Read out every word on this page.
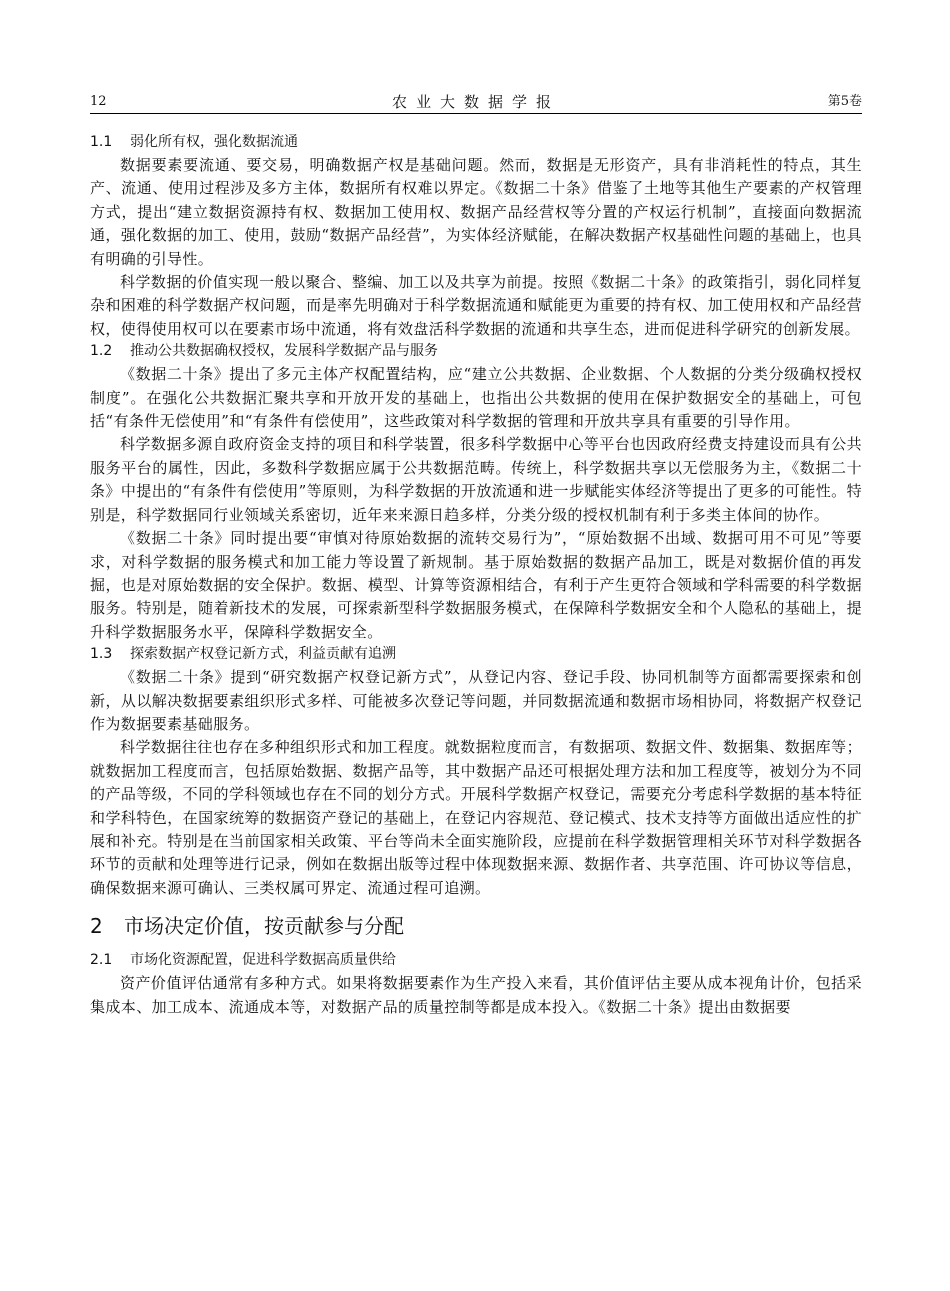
12	农业大数据学报	第5卷
1.1 弱化所有权，强化数据流通

数据要素要流通、要交易，明确数据产权是基础问题。然而，数据是无形资产，具有非消耗性的特点，其生产、流通、使用过程涉及多方主体，数据所有权难以界定。《数据二十条》借鉴了土地等其他生产要素的产权管理方式，提出“建立数据资源持有权、数据加工使用权、数据产品经营权等分置的产权运行机制”，直接面向数据流通，强化数据的加工、使用，鼓励“数据产品经营”，为实体经济赋能，在解决数据产权基础性问题的基础上，也具有明确的引导性。

科学数据的价值实现一般以聚合、整编、加工以及共享为前提。按照《数据二十条》的政策指引，弱化同样复杂和困难的科学数据产权问题，而是率先明确对于科学数据流通和赋能更为重要的持有权、加工使用权和产品经营权，使得使用权可以在要素市场中流通，将有效盘活科学数据的流通和共享生态，进而促进科学研究的创新发展。

1.2 推动公共数据确权授权，发展科学数据产品与服务

《数据二十条》提出了多元主体产权配置结构，应“建立公共数据、企业数据、个人数据的分类分级确权授权制度”。在强化公共数据汇聚共享和开放开发的基础上，也指出公共数据的使用在保护数据安全的基础上，可包括“有条件无偿使用”和“有条件有偿使用”，这些政策对科学数据的管理和开放共享具有重要的引导作用。

科学数据多源自政府资金支持的项目和科学装置，很多科学数据中心等平台也因政府经费支持建设而具有公共服务平台的属性，因此，多数科学数据应属于公共数据范畴。传统上，科学数据共享以无偿服务为主，《数据二十条》中提出的“有条件有偿使用”等原则，为科学数据的开放流通和进一步赋能实体经济等提出了更多的可能性。特别是，科学数据同行业领域关系密切，近年来来源日趋多样，分类分级的授权机制有利于多类主体间的协作。

《数据二十条》同时提出要“审慎对待原始数据的流转交易行为”，“原始数据不出域、数据可用不可见”等要求，对科学数据的服务模式和加工能力等设置了新规制。基于原始数据的数据产品加工，既是对数据价值的再发掘，也是对原始数据的安全保护。数据、模型、计算等资源相结合，有利于产生更符合领域和学科需要的科学数据服务。特别是，随着新技术的发展，可探索新型科学数据服务模式，在保障科学数据安全和个人隐私的基础上，提升科学数据服务水平，保障科学数据安全。

1.3 探索数据产权登记新方式，利益贡献有追溯

《数据二十条》提到“研究数据产权登记新方式”，从登记内容、登记手段、协同机制等方面都需要探索和创新，从以解决数据要素组织形式多样、可能被多次登记等问题，并同数据流通和数据市场相协同，将数据产权登记作为数据要素基础服务。

科学数据往往也存在多种组织形式和加工程度。就数据粒度而言，有数据项、数据文件、数据集、数据库等；就数据加工程度而言，包括原始数据、数据产品等，其中数据产品还可根据处理方法和加工程度等，被划分为不同的产品等级，不同的学科领域也存在不同的划分方式。开展科学数据产权登记，需要充分考虑科学数据的基本特征和学科特色，在国家统筹的数据资产登记的基础上，在登记内容规范、登记模式、技术支持等方面做出适应性的扩展和补充。特别是在当前国家相关政策、平台等尚未全面实施阶段，应提前在科学数据管理相关环节对科学数据各环节的贡献和处理等进行记录，例如在数据出版等过程中体现数据来源、数据作者、共享范围、许可协议等信息，确保数据来源可确认、三类权属可界定、流通过程可追溯。

2 市场决定价值，按贡献参与分配
2.1 市场化资源配置，促进科学数据高质量供给

资产价值评估通常有多种方式。如果将数据要素作为生产投入来看，其价值评估主要从成本视角计价，包括采集成本、加工成本、流通成本等，对数据产品的质量控制等都是成本投入。《数据二十条》提出由数据要
